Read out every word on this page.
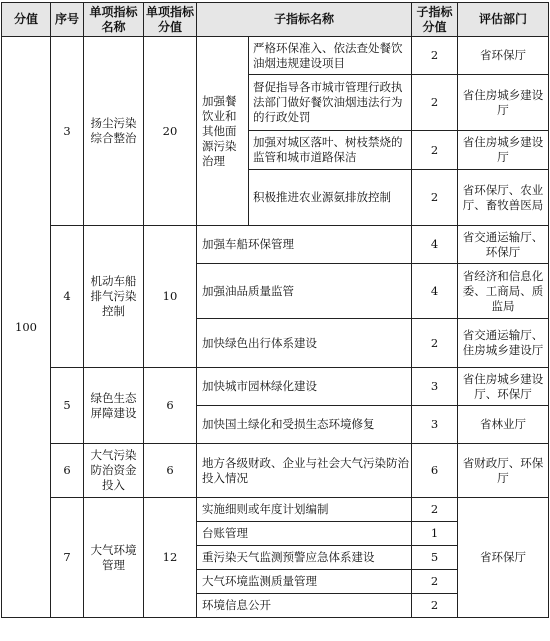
分值	序号	单项指标名称	单项指标分值	子指标名称		子指标分值	评估部门
100	3	扬尘污染综合整治	20	加强餐饮业和其他面源污染治理	严格环保准入、依法查处餐饮油烟违规建设项目	2	省环保厅
					督促指导各市城市管理行政执法部门做好餐饮油烟违法行为的行政处罚	2	省住房城乡建设厅
					加强对城区落叶、树枝禁烧的监管和城市道路保洁	2	省住房城乡建设厅
					积极推进农业源氨排放控制	2	省环保厅、农业厅、畜牧兽医局
	4	机动车船排气污染控制	10	加强车船环保管理		4	省交通运输厅、环保厅
				加强油品质量监管		4	省经济和信息化委、工商局、质监局
				加快绿色出行体系建设		2	省交通运输厅、住房城乡建设厅
	5	绿色生态屏障建设	6	加快城市园林绿化建设		3	省住房城乡建设厅、环保厅
				加快国土绿化和受损生态环境修复		3	省林业厅
	6	大气污染防治资金投入	6	地方各级财政、企业与社会大气污染防治投入情况		6	省财政厅、环保厅
	7	大气环境管理	12	实施细则或年度计划编制		2	省环保厅
				台账管理		1	
				重污染天气监测预警应急体系建设		5	
				大气环境监测质量管理		2	
				环境信息公开		2	
